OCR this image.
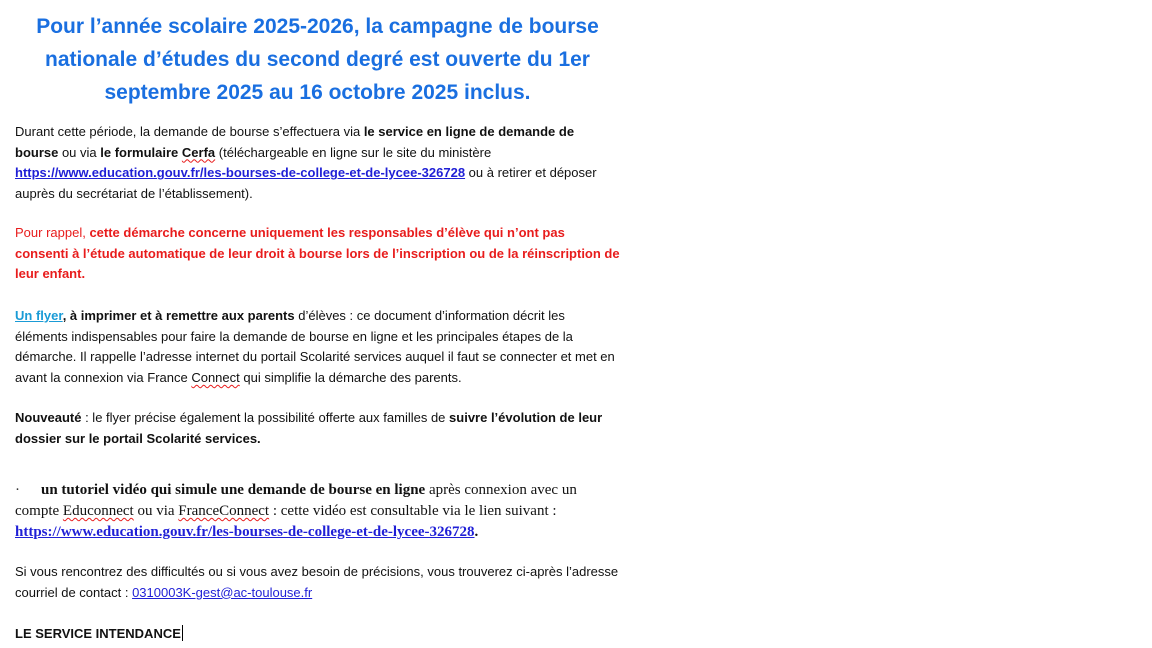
Pour l’année scolaire 2025-2026, la campagne de bourse nationale d’études du second degré est ouverte du 1er septembre 2025 au 16 octobre 2025 inclus.

Durant cette période, la demande de bourse s’effectuera via le service en ligne de demande de bourse ou via le formulaire Cerfa (téléchargeable en ligne sur le site du ministère https://www.education.gouv.fr/les-bourses-de-college-et-de-lycee-326728 ou à retirer et déposer auprès du secrétariat de l’établissement).

Pour rappel, cette démarche concerne uniquement les responsables d’élève qui n’ont pas consenti à l’étude automatique de leur droit à bourse lors de l’inscription ou de la réinscription de leur enfant.

Un flyer, à imprimer et à remettre aux parents d’élèves : ce document d’information décrit les éléments indispensables pour faire la demande de bourse en ligne et les principales étapes de la démarche. Il rappelle l’adresse internet du portail Scolarité services auquel il faut se connecter et met en avant la connexion via France Connect qui simplifie la démarche des parents.

Nouveauté : le flyer précise également la possibilité offerte aux familles de suivre l’évolution de leur dossier sur le portail Scolarité services.

· un tutoriel vidéo qui simule une demande de bourse en ligne après connexion avec un compte Educonnect ou via FranceConnect : cette vidéo est consultable via le lien suivant : https://www.education.gouv.fr/les-bourses-de-college-et-de-lycee-326728.

Si vous rencontrez des difficultés ou si vous avez besoin de précisions, vous trouverez ci-après l’adresse courriel de contact : 0310003K-gest@ac-toulouse.fr

LE SERVICE INTENDANCE
